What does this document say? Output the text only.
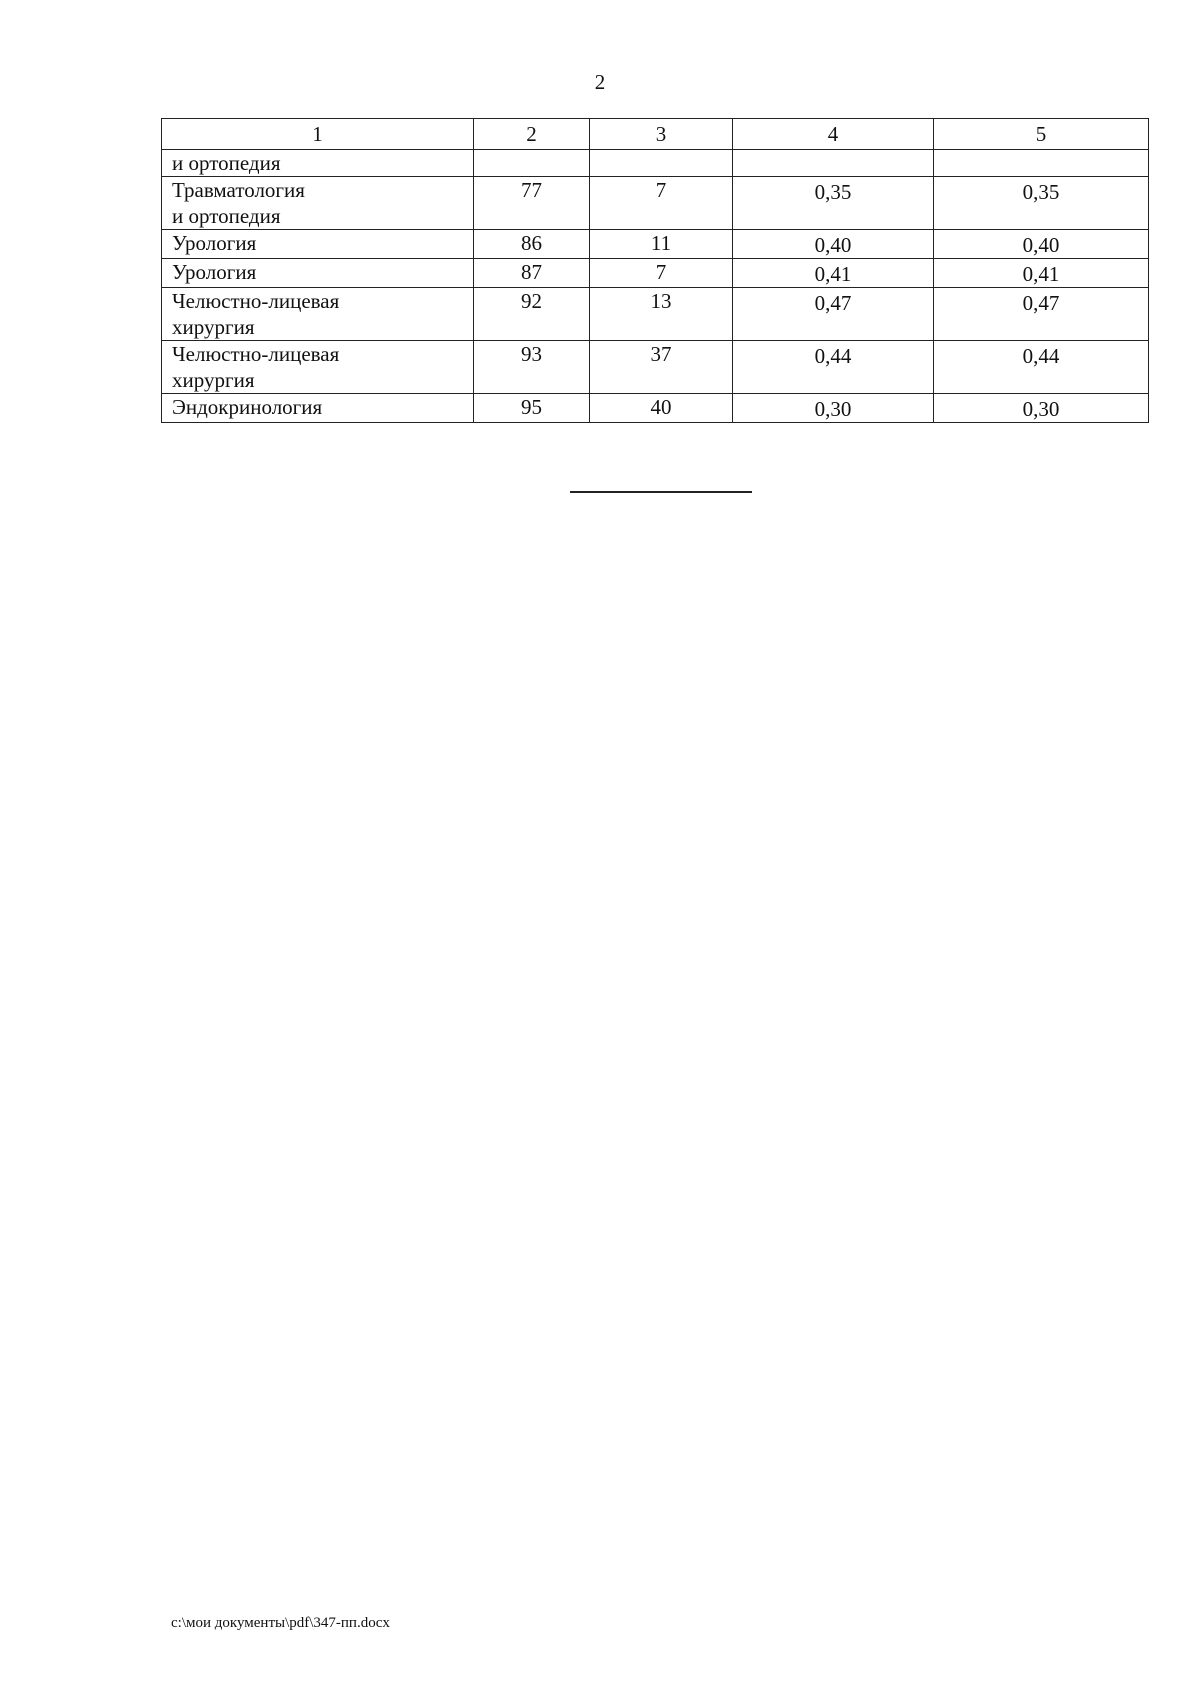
2
1	2	3	4	5
и ортопедия				
Травматология
и ортопедия	77	7	0,35	0,35
Урология	86	11	0,40	0,40
Урология	87	7	0,41	0,41
Челюстно-лицевая
хирургия	92	13	0,47	0,47
Челюстно-лицевая
хирургия	93	37	0,44	0,44
Эндокринология	95	40	0,30	0,30
c:\мои документы\pdf\347-пп.docx
